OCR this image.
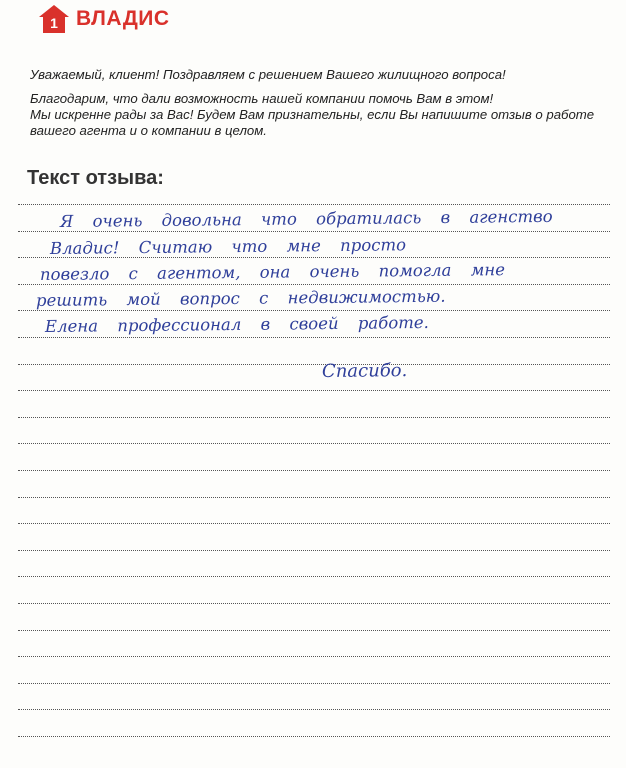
1 ВЛАДИС

Уважаемый, клиент! Поздравляем с решением Вашего жилищного вопроса!

Благодарим, что дали возможность нашей компании помочь Вам в этом!

Мы искренне рады за Вас! Будем Вам признательны, если Вы напишите отзыв о работе

вашего агента и о компании в целом.

Текст отзыва:
Я очень довольна что обратилась в агенство
Владис! Считаю что мне просто
повезло с агентом, она очень помогла мне
решить мой вопрос с недвижимостью.
Елена профессионал в своей работе.
Спасибо.
